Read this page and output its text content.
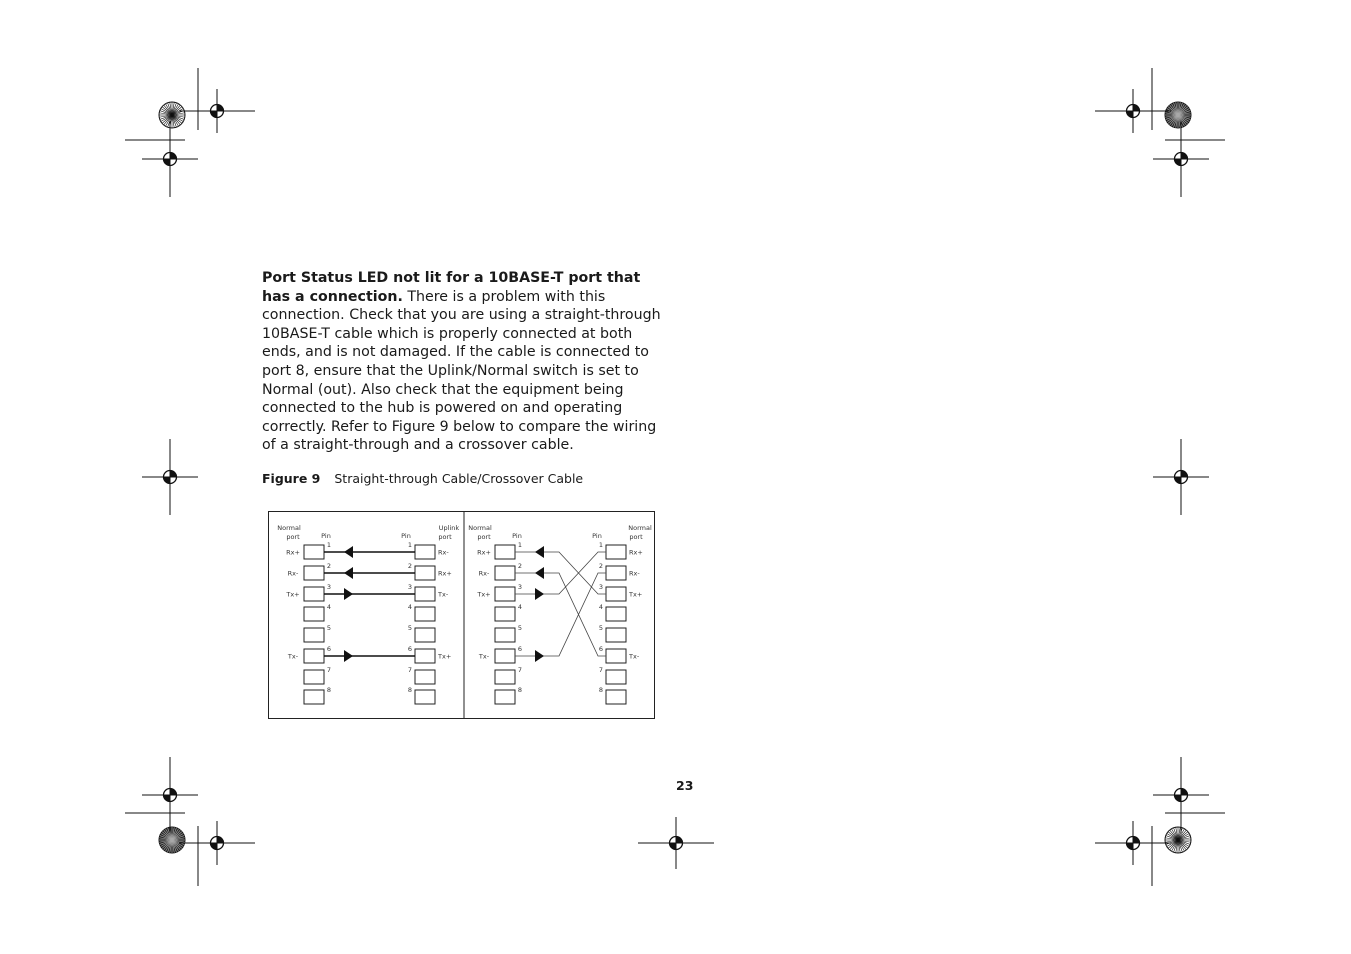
Port Status LED not lit for a 10BASE-T port that has a connection. There is a problem with this connection. Check that you are using a straight-through 10BASE-T cable which is properly connected at both ends, and is not damaged. If the cable is connected to port 8, ensure that the Uplink/Normal switch is set to Normal (out). Also check that the equipment being connected to the hub is powered on and operating correctly. Refer to Figure 9 below to compare the wiring of a straight-through and a crossover cable.
Figure 9 Straight-through Cable/Crossover Cable
Normal
port	Pin	Pin
Uplink
port
1	1
Rx+	Rx-
2	2
Rx-	Rx+
3	3
Tx+	Tx-
4	4
5	5
6	6
Tx-	Tx+
7	7
8	8
Normal
port	Pin	Pin
Normal
port
1	1
Rx+	Rx+
2	2
Rx-	Rx-
3	3
Tx+	Tx+
4	4
5	5
6	6
Tx-	Tx-
7	7
8	8
23
